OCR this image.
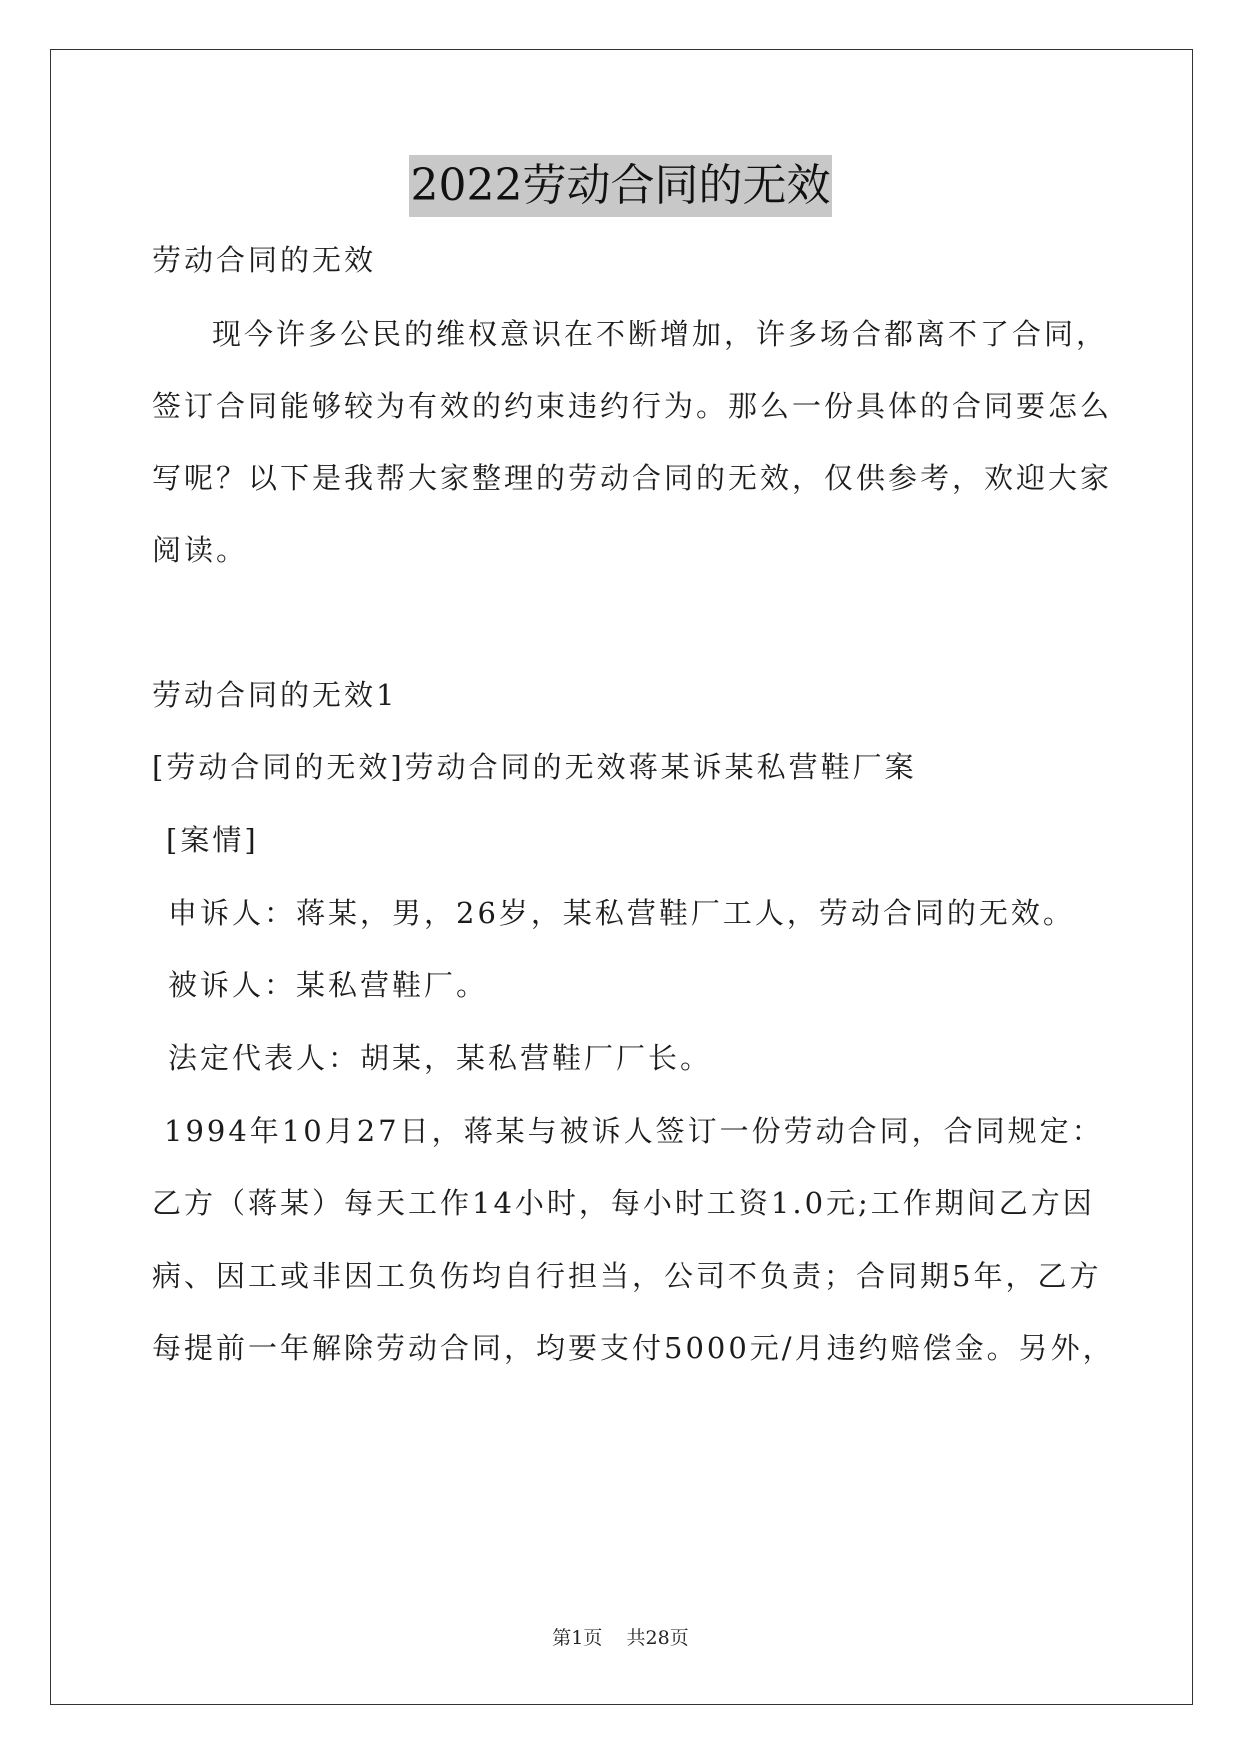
2022劳动合同的无效
劳动合同的无效
现今许多公民的维权意识在不断增加，许多场合都离不了合同，
签订合同能够较为有效的约束违约行为。那么一份具体的合同要怎么
写呢？以下是我帮大家整理的劳动合同的无效，仅供参考，欢迎大家
阅读。
劳动合同的无效1
[劳动合同的无效]劳动合同的无效蒋某诉某私营鞋厂案
[案情]
申诉人：蒋某，男，26岁，某私营鞋厂工人，劳动合同的无效。
被诉人：某私营鞋厂。
法定代表人：胡某，某私营鞋厂厂长。
1994年10月27日，蒋某与被诉人签订一份劳动合同，合同规定：
乙方（蒋某）每天工作14小时，每小时工资1.0元;工作期间乙方因
病、因工或非因工负伤均自行担当，公司不负责；合同期5年，乙方
每提前一年解除劳动合同，均要支付5000元/月违约赔偿金。另外，
第1页 共28页
